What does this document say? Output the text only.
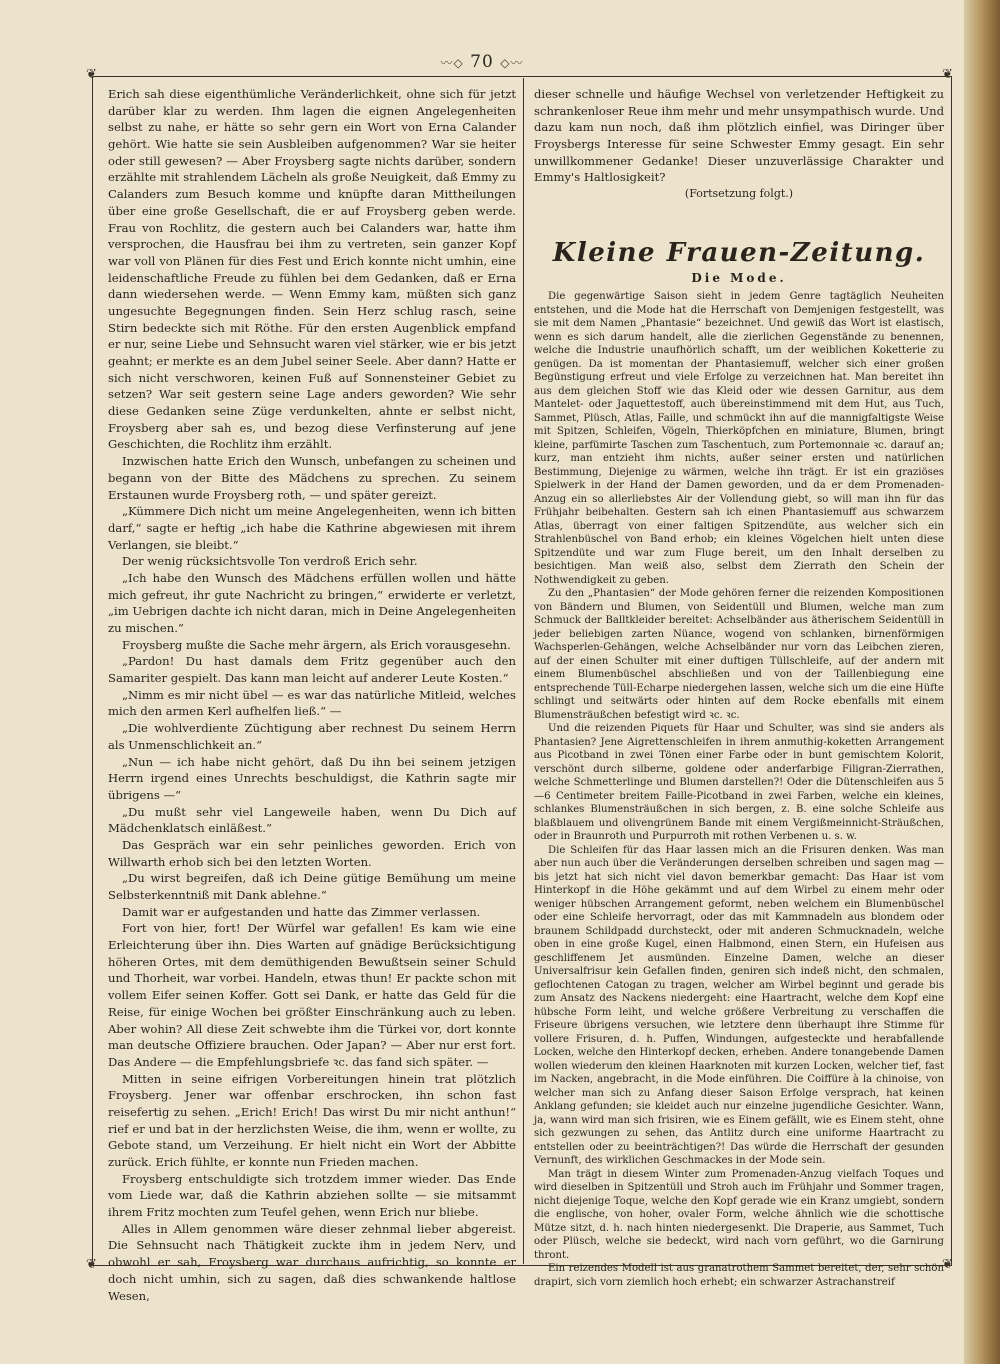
〰◇ 70 ◇〰
❦	❦
❦	❦

Erich sah diese eigenthümliche Veränderlichkeit, ohne sich für jetzt darüber klar zu werden. Ihm lagen die eignen Angelegenheiten selbst zu nahe, er hätte so sehr gern ein Wort von Erna Calander gehört. Wie hatte sie sein Ausbleiben aufgenommen? War sie heiter oder still gewesen? — Aber Froysberg sagte nichts darüber, sondern erzählte mit strahlendem Lächeln als große Neuigkeit, daß Emmy zu Calanders zum Besuch komme und knüpfte daran Mittheilungen über eine große Gesellschaft, die er auf Froysberg geben werde. Frau von Rochlitz, die gestern auch bei Calanders war, hatte ihm versprochen, die Hausfrau bei ihm zu vertreten, sein ganzer Kopf war voll von Plänen für dies Fest und Erich konnte nicht umhin, eine leidenschaftliche Freude zu fühlen bei dem Gedanken, daß er Erna dann wiedersehen werde. — Wenn Emmy kam, müßten sich ganz ungesuchte Begegnungen finden. Sein Herz schlug rasch, seine Stirn bedeckte sich mit Röthe. Für den ersten Augenblick empfand er nur, seine Liebe und Sehnsucht waren viel stärker, wie er bis jetzt geahnt; er merkte es an dem Jubel seiner Seele. Aber dann? Hatte er sich nicht verschworen, keinen Fuß auf Sonnensteiner Gebiet zu setzen? War seit gestern seine Lage anders geworden? Wie sehr diese Gedanken seine Züge verdunkelten, ahnte er selbst nicht, Froysberg aber sah es, und bezog diese Verfinsterung auf jene Geschichten, die Rochlitz ihm erzählt.

Inzwischen hatte Erich den Wunsch, unbefangen zu scheinen und begann von der Bitte des Mädchens zu sprechen. Zu seinem Erstaunen wurde Froysberg roth, — und später gereizt.

„Kümmere Dich nicht um meine Angelegenheiten, wenn ich bitten darf,“ sagte er heftig „ich habe die Kathrine abgewiesen mit ihrem Verlangen, sie bleibt.“

Der wenig rücksichtsvolle Ton verdroß Erich sehr.

„Ich habe den Wunsch des Mädchens erfüllen wollen und hätte mich gefreut, ihr gute Nachricht zu bringen,“ erwiderte er verletzt, „im Uebrigen dachte ich nicht daran, mich in Deine Angelegenheiten zu mischen.“

Froysberg mußte die Sache mehr ärgern, als Erich vorausgesehn.

„Pardon! Du hast damals dem Fritz gegenüber auch den Samariter gespielt. Das kann man leicht auf anderer Leute Kosten.“

„Nimm es mir nicht übel — es war das natürliche Mitleid, welches mich den armen Kerl aufhelfen ließ.“ —

„Die wohlverdiente Züchtigung aber rechnest Du seinem Herrn als Unmenschlichkeit an.“

„Nun — ich habe nicht gehört, daß Du ihn bei seinem jetzigen Herrn irgend eines Unrechts beschuldigst, die Kathrin sagte mir übrigens —“

„Du mußt sehr viel Langeweile haben, wenn Du Dich auf Mädchenklatsch einläßest.“

Das Gespräch war ein sehr peinliches geworden. Erich von Willwarth erhob sich bei den letzten Worten.

„Du wirst begreifen, daß ich Deine gütige Bemühung um meine Selbsterkenntniß mit Dank ablehne.“

Damit war er aufgestanden und hatte das Zimmer verlassen.

Fort von hier, fort! Der Würfel war gefallen! Es kam wie eine Erleichterung über ihn. Dies Warten auf gnädige Berücksichtigung höheren Ortes, mit dem demüthigenden Bewußtsein seiner Schuld und Thorheit, war vorbei. Handeln, etwas thun! Er packte schon mit vollem Eifer seinen Koffer. Gott sei Dank, er hatte das Geld für die Reise, für einige Wochen bei größter Einschränkung auch zu leben. Aber wohin? All diese Zeit schwebte ihm die Türkei vor, dort konnte man deutsche Offiziere brauchen. Oder Japan? — Aber nur erst fort. Das Andere — die Empfehlungsbriefe ꝛc. das fand sich später. —

Mitten in seine eifrigen Vorbereitungen hinein trat plötzlich Froysberg. Jener war offenbar erschrocken, ihn schon fast reisefertig zu sehen. „Erich! Erich! Das wirst Du mir nicht anthun!“ rief er und bat in der herzlichsten Weise, die ihm, wenn er wollte, zu Gebote stand, um Verzeihung. Er hielt nicht ein Wort der Abbitte zurück. Erich fühlte, er konnte nun Frieden machen.

Froysberg entschuldigte sich trotzdem immer wieder. Das Ende vom Liede war, daß die Kathrin abziehen sollte — sie mitsammt ihrem Fritz mochten zum Teufel gehen, wenn Erich nur bliebe.

Alles in Allem genommen wäre dieser zehnmal lieber abgereist. Die Sehnsucht nach Thätigkeit zuckte ihm in jedem Nerv, und obwohl er sah, Froysberg war durchaus aufrichtig, so konnte er doch nicht umhin, sich zu sagen, daß dies schwankende haltlose Wesen,

dieser schnelle und häufige Wechsel von verletzender Heftigkeit zu schrankenloser Reue ihm mehr und mehr unsympathisch wurde. Und dazu kam nun noch, daß ihm plötzlich einfiel, was Diringer über Froysbergs Interesse für seine Schwester Emmy gesagt. Ein sehr unwillkommener Gedanke! Dieser unzuverlässige Charakter und Emmy's Haltlosigkeit?

(Fortsetzung folgt.)

Kleine Frauen-Zeitung.
Die Mode.

Die gegenwärtige Saison sieht in jedem Genre tagtäglich Neuheiten entstehen, und die Mode hat die Herrschaft von Demjenigen festgestellt, was sie mit dem Namen „Phantasie“ bezeichnet. Und gewiß das Wort ist elastisch, wenn es sich darum handelt, alle die zierlichen Gegenstände zu benennen, welche die Industrie unaufhörlich schafft, um der weiblichen Koketterie zu genügen. Da ist momentan der Phantasiemuff, welcher sich einer großen Begünstigung erfreut und viele Erfolge zu verzeichnen hat. Man bereitet ihn aus dem gleichen Stoff wie das Kleid oder wie dessen Garnitur, aus dem Mantelet- oder Jaquettestoff, auch übereinstimmend mit dem Hut, aus Tuch, Sammet, Plüsch, Atlas, Faille, und schmückt ihn auf die mannigfaltigste Weise mit Spitzen, Schleifen, Vögeln, Thierköpfchen en miniature, Blumen, bringt kleine, parfümirte Taschen zum Taschentuch, zum Portemonnaie ꝛc. darauf an; kurz, man entzieht ihm nichts, außer seiner ersten und natürlichen Bestimmung, Diejenige zu wärmen, welche ihn trägt. Er ist ein graziöses Spielwerk in der Hand der Damen geworden, und da er dem Promenaden-Anzug ein so allerliebstes Air der Vollendung giebt, so will man ihn für das Frühjahr beibehalten. Gestern sah ich einen Phantasiemuff aus schwarzem Atlas, überragt von einer faltigen Spitzendüte, aus welcher sich ein Strahlenbüschel von Band erhob; ein kleines Vögelchen hielt unten diese Spitzendüte und war zum Fluge bereit, um den Inhalt derselben zu besichtigen. Man weiß also, selbst dem Zierrath den Schein der Nothwendigkeit zu geben.

Zu den „Phantasien“ der Mode gehören ferner die reizenden Kompositionen von Bändern und Blumen, von Seidentüll und Blumen, welche man zum Schmuck der Balltkleider bereitet: Achselbänder aus ätherischem Seidentüll in jeder beliebigen zarten Nüance, wogend von schlanken, birnenförmigen Wachsperlen-Gehängen, welche Achselbänder nur vorn das Leibchen zieren, auf der einen Schulter mit einer duftigen Tüllschleife, auf der andern mit einem Blumenbüschel abschließen und von der Taillenbiegung eine entsprechende Tüll-Echarpe niedergehen lassen, welche sich um die eine Hüfte schlingt und seitwärts oder hinten auf dem Rocke ebenfalls mit einem Blumensträußchen befestigt wird ꝛc. ꝛc.

Und die reizenden Piquets für Haar und Schulter, was sind sie anders als Phantasien? Jene Aigrettenschleifen in ihrem anmuthig-koketten Arrangement aus Picotband in zwei Tönen einer Farbe oder in bunt gemischtem Kolorit, verschönt durch silberne, goldene oder anderfarbige Filigran-Zierrathen, welche Schmetterlinge und Blumen darstellen?! Oder die Dütenschleifen aus 5—6 Centimeter breitem Faille-Picotband in zwei Farben, welche ein kleines, schlankes Blumensträußchen in sich bergen, z. B. eine solche Schleife aus blaßblauem und olivengrünem Bande mit einem Vergißmeinnicht-Sträußchen, oder in Braunroth und Purpurroth mit rothen Verbenen u. s. w.

Die Schleifen für das Haar lassen mich an die Frisuren denken. Was man aber nun auch über die Veränderungen derselben schreiben und sagen mag — bis jetzt hat sich nicht viel davon bemerkbar gemacht: Das Haar ist vom Hinterkopf in die Höhe gekämmt und auf dem Wirbel zu einem mehr oder weniger hübschen Arrangement geformt, neben welchem ein Blumenbüschel oder eine Schleife hervorragt, oder das mit Kammnadeln aus blondem oder braunem Schildpadd durchsteckt, oder mit anderen Schmucknadeln, welche oben in eine große Kugel, einen Halbmond, einen Stern, ein Hufeisen aus geschliffenem Jet ausmünden. Einzelne Damen, welche an dieser Universalfrisur kein Gefallen finden, geniren sich indeß nicht, den schmalen, geflochtenen Catogan zu tragen, welcher am Wirbel beginnt und gerade bis zum Ansatz des Nackens niedergeht: eine Haartracht, welche dem Kopf eine hübsche Form leiht, und welche größere Verbreitung zu verschaffen die Friseure übrigens versuchen, wie letztere denn überhaupt ihre Stimme für vollere Frisuren, d. h. Puffen, Windungen, aufgesteckte und herabfallende Locken, welche den Hinterkopf decken, erheben. Andere tonangebende Damen wollen wiederum den kleinen Haarknoten mit kurzen Locken, welcher tief, fast im Nacken, angebracht, in die Mode einführen. Die Coiffüre à la chinoise, von welcher man sich zu Anfang dieser Saison Erfolge versprach, hat keinen Anklang gefunden; sie kleidet auch nur einzelne jugendliche Gesichter. Wann, ja, wann wird man sich frisiren, wie es Einem gefällt, wie es Einem steht, ohne sich gezwungen zu sehen, das Antlitz durch eine uniforme Haartracht zu entstellen oder zu beeinträchtigen?! Das würde die Herrschaft der gesunden Vernunft, des wirklichen Geschmackes in der Mode sein.

Man trägt in diesem Winter zum Promenaden-Anzug vielfach Toques und wird dieselben in Spitzentüll und Stroh auch im Frühjahr und Sommer tragen, nicht diejenige Toque, welche den Kopf gerade wie ein Kranz umgiebt, sondern die englische, von hoher, ovaler Form, welche ähnlich wie die schottische Mütze sitzt, d. h. nach hinten niedergesenkt. Die Draperie, aus Sammet, Tuch oder Plüsch, welche sie bedeckt, wird nach vorn geführt, wo die Garnirung thront.

Ein reizendes Modell ist aus granatrothem Sammet bereitet, der, sehr schön drapirt, sich vorn ziemlich hoch erhebt; ein schwarzer Astrachanstreif
